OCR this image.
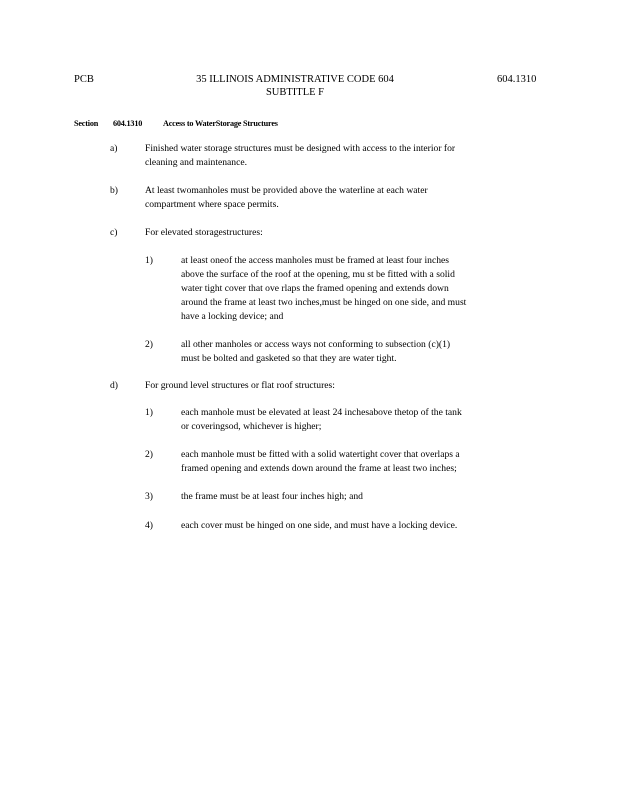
PCB	35 ILLINOIS ADMINISTRATIVE CODE 604
SUBTITLE F
604.1310
Section 604.1310	Access to WaterStorage Structures
a)	Finished water storage structures must be designed with access to the interior for
cleaning and maintenance.
b)	At least twomanholes must be provided above the waterline at each water
compartment where space permits.
c)	For elevated storagestructures:
1)	at least oneof the access manholes must be framed at least four inches
above the surface of the roof at the opening, mu st be fitted with a solid
water tight cover that ove rlaps the framed opening and extends down
around the frame at least two inches,must be hinged on one side, and must
have a locking device; and
2)	all other manholes or access ways not conforming to subsection (c)(1)
must be bolted and gasketed so that they are water tight.
d)	For ground level structures or flat roof structures:
1)	each manhole must be elevated at least 24 inchesabove thetop of the tank
or coveringsod, whichever is higher;
2)	each manhole must be fitted with a solid watertight cover that overlaps a
framed opening and extends down around the frame at least two inches;
3)	the frame must be at least four inches high; and
4)	each cover must be hinged on one side, and must have a locking device.
